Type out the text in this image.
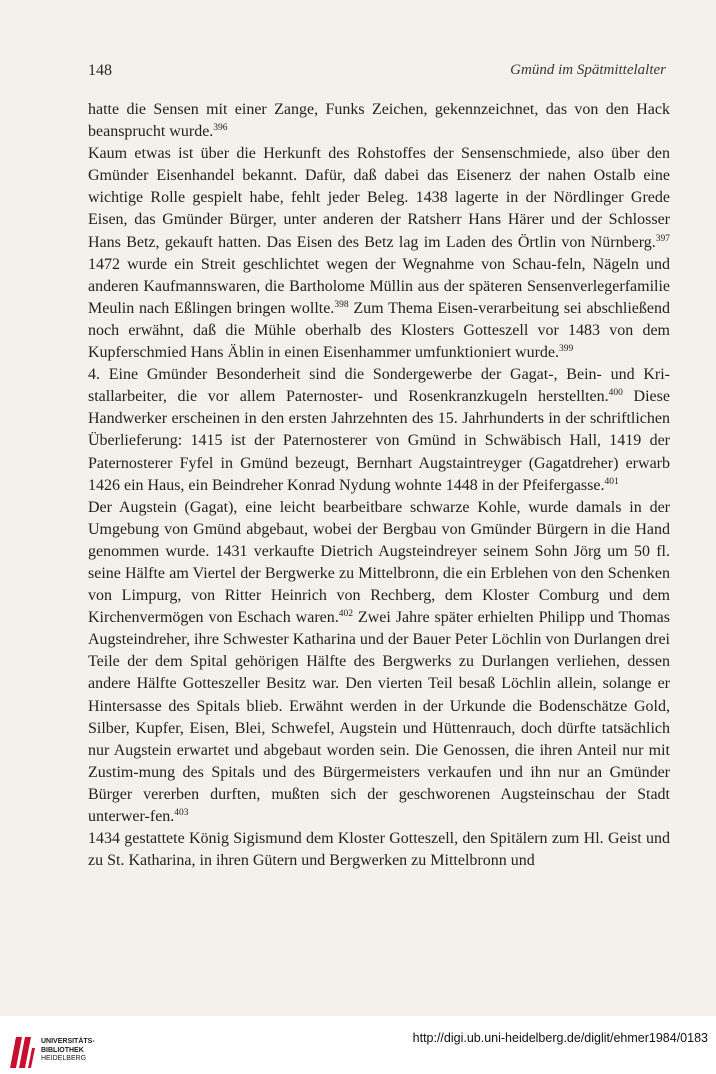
148	Gmünd im Spätmittelalter

hatte die Sensen mit einer Zange, Funks Zeichen, gekennzeichnet, das von den Hack beansprucht wurde.$^{396}$

Kaum etwas ist über die Herkunft des Rohstoffes der Sensenschmiede, also über den Gmünder Eisenhandel bekannt. Dafür, daß dabei das Eisenerz der nahen Ostalb eine wichtige Rolle gespielt habe, fehlt jeder Beleg. 1438 lagerte in der Nördlinger Grede Eisen, das Gmünder Bürger, unter anderen der Ratsherr Hans Härer und der Schlosser Hans Betz, gekauft hatten. Das Eisen des Betz lag im Laden des Örtlin von Nürnberg.$^{397}$ 1472 wurde ein Streit geschlichtet wegen der Wegnahme von Schau-feln, Nägeln und anderen Kaufmannswaren, die Bartholome Müllin aus der späteren Sensenverlegerfamilie Meulin nach Eßlingen bringen wollte.$^{398}$ Zum Thema Eisen-verarbeitung sei abschließend noch erwähnt, daß die Mühle oberhalb des Klosters Gotteszell vor 1483 von dem Kupferschmied Hans Äblin in einen Eisenhammer umfunktioniert wurde.$^{399}$

4. Eine Gmünder Besonderheit sind die Sondergewerbe der Gagat-, Bein- und Kri-stallarbeiter, die vor allem Paternoster- und Rosenkranzkugeln herstellten.$^{400}$ Diese Handwerker erscheinen in den ersten Jahrzehnten des 15. Jahrhunderts in der schriftlichen Überlieferung: 1415 ist der Paternosterer von Gmünd in Schwäbisch Hall, 1419 der Paternosterer Fyfel in Gmünd bezeugt, Bernhart Augstaintreyger (Gagatdreher) erwarb 1426 ein Haus, ein Beindreher Konrad Nydung wohnte 1448 in der Pfeifergasse.$^{401}$

Der Augstein (Gagat), eine leicht bearbeitbare schwarze Kohle, wurde damals in der Umgebung von Gmünd abgebaut, wobei der Bergbau von Gmünder Bürgern in die Hand genommen wurde. 1431 verkaufte Dietrich Augsteindreyer seinem Sohn Jörg um 50 fl. seine Hälfte am Viertel der Bergwerke zu Mittelbronn, die ein Erblehen von den Schenken von Limpurg, von Ritter Heinrich von Rechberg, dem Kloster Comburg und dem Kirchenvermögen von Eschach waren.$^{402}$ Zwei Jahre später erhielten Philipp und Thomas Augsteindreher, ihre Schwester Katharina und der Bauer Peter Löchlin von Durlangen drei Teile der dem Spital gehörigen Hälfte des Bergwerks zu Durlangen verliehen, dessen andere Hälfte Gotteszeller Besitz war. Den vierten Teil besaß Löchlin allein, solange er Hintersasse des Spitals blieb. Erwähnt werden in der Urkunde die Bodenschätze Gold, Silber, Kupfer, Eisen, Blei, Schwefel, Augstein und Hüttenrauch, doch dürfte tatsächlich nur Augstein erwartet und abgebaut worden sein. Die Genossen, die ihren Anteil nur mit Zustim-mung des Spitals und des Bürgermeisters verkaufen und ihn nur an Gmünder Bürger vererben durften, mußten sich der geschworenen Augsteinschau der Stadt unterwer-fen.$^{403}$

1434 gestattete König Sigismund dem Kloster Gotteszell, den Spitälern zum Hl. Geist und zu St. Katharina, in ihren Gütern und Bergwerken zu Mittelbronn und

UNIVERSITÄTS-
BIBLIOTHEK
HEIDELBERG
http://digi.ub.uni-heidelberg.de/diglit/ehmer1984/0183
